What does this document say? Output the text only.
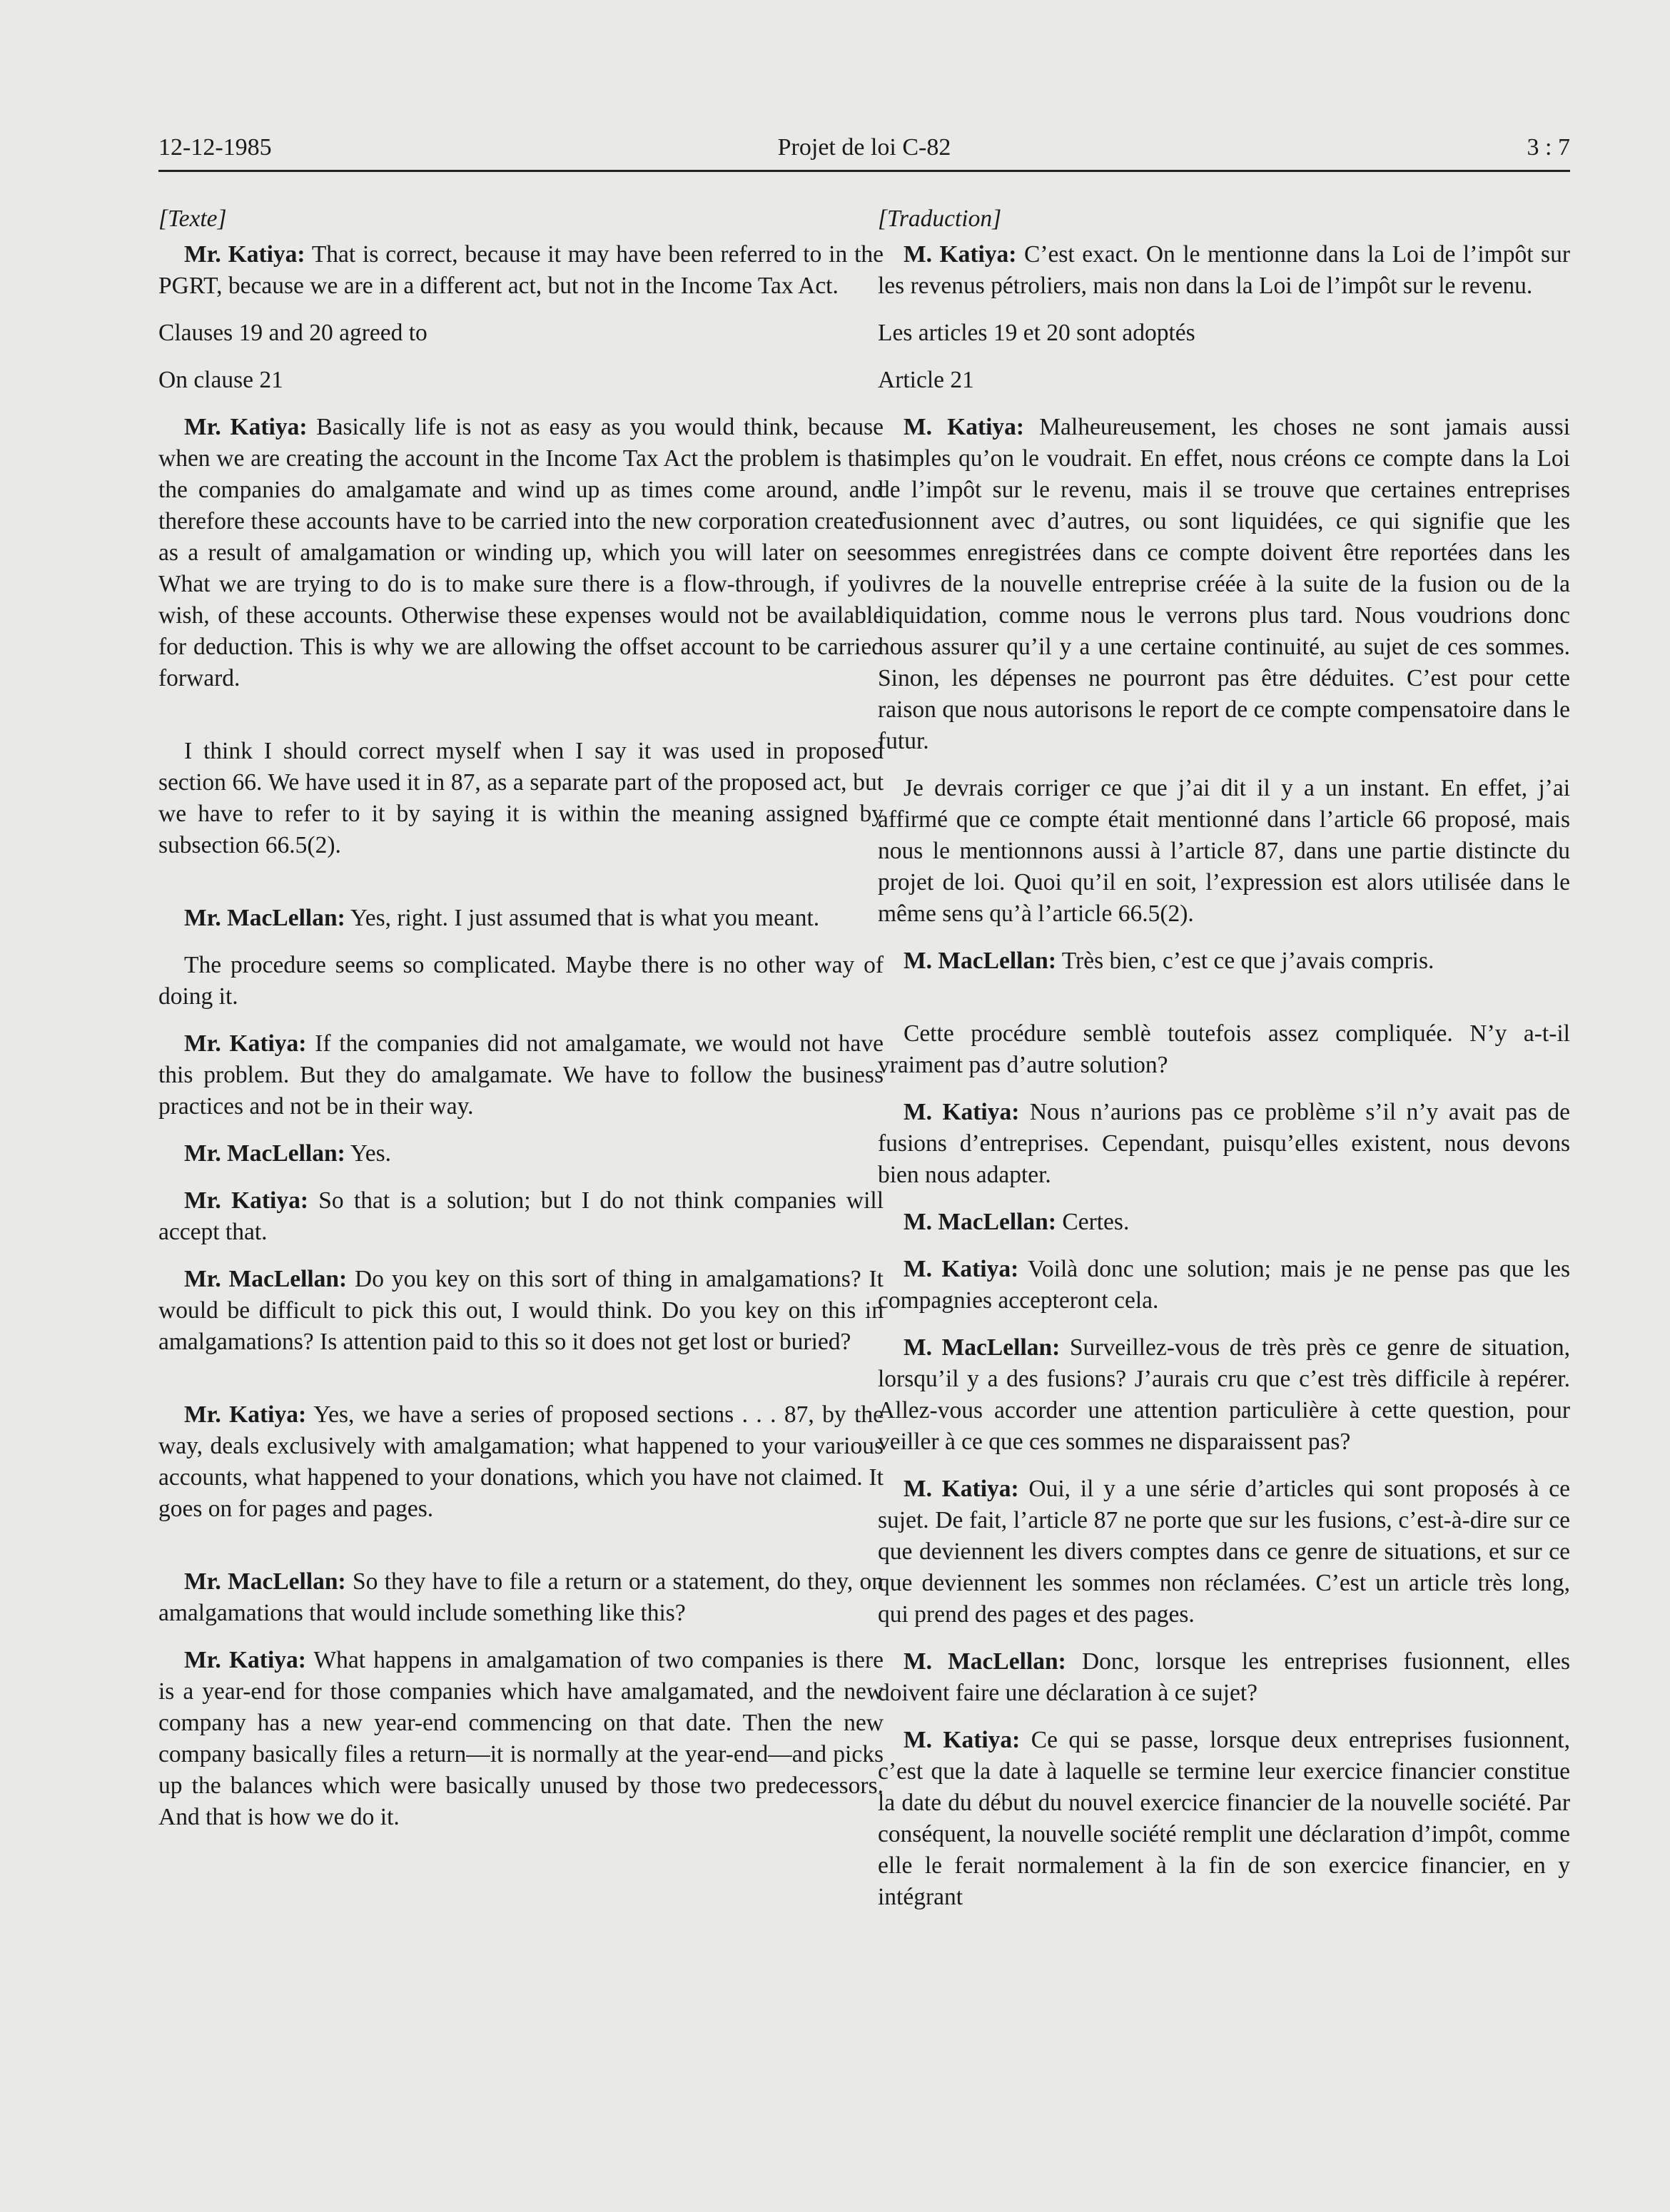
12-12-1985	Projet de loi C-82	3 : 7

[Texte]

Mr. Katiya: That is correct, because it may have been referred to in the PGRT, because we are in a different act, but not in the Income Tax Act.

Clauses 19 and 20 agreed to

On clause 21

Mr. Katiya: Basically life is not as easy as you would think, because when we are creating the account in the Income Tax Act the problem is that the companies do amalgamate and wind up as times come around, and therefore these accounts have to be carried into the new corporation created as a result of amalgamation or winding up, which you will later on see. What we are trying to do is to make sure there is a flow-through, if you wish, of these accounts. Otherwise these expenses would not be available for deduction. This is why we are allowing the offset account to be carried forward.

I think I should correct myself when I say it was used in proposed section 66. We have used it in 87, as a separate part of the proposed act, but we have to refer to it by saying it is within the meaning assigned by subsection 66.5(2).

Mr. MacLellan: Yes, right. I just assumed that is what you meant.

The procedure seems so complicated. Maybe there is no other way of doing it.

Mr. Katiya: If the companies did not amalgamate, we would not have this problem. But they do amalgamate. We have to follow the business practices and not be in their way.

Mr. MacLellan: Yes.

Mr. Katiya: So that is a solution; but I do not think companies will accept that.

Mr. MacLellan: Do you key on this sort of thing in amalgamations? It would be difficult to pick this out, I would think. Do you key on this in amalgamations? Is attention paid to this so it does not get lost or buried?

Mr. Katiya: Yes, we have a series of proposed sections . . . 87, by the way, deals exclusively with amalgamation; what happened to your various accounts, what happened to your donations, which you have not claimed. It goes on for pages and pages.

Mr. MacLellan: So they have to file a return or a statement, do they, on amalgamations that would include something like this?

Mr. Katiya: What happens in amalgamation of two companies is there is a year-end for those companies which have amalgamated, and the new company has a new year-end commencing on that date. Then the new company basically files a return—it is normally at the year-end—and picks up the balances which were basically unused by those two predecessors. And that is how we do it.

[Traduction]

M. Katiya: C’est exact. On le mentionne dans la Loi de l’impôt sur les revenus pétroliers, mais non dans la Loi de l’impôt sur le revenu.

Les articles 19 et 20 sont adoptés

Article 21

M. Katiya: Malheureusement, les choses ne sont jamais aussi simples qu’on le voudrait. En effet, nous créons ce compte dans la Loi de l’impôt sur le revenu, mais il se trouve que certaines entreprises fusionnent avec d’autres, ou sont liquidées, ce qui signifie que les sommes enregistrées dans ce compte doivent être reportées dans les livres de la nouvelle entreprise créée à la suite de la fusion ou de la liquidation, comme nous le verrons plus tard. Nous voudrions donc nous assurer qu’il y a une certaine continuité, au sujet de ces sommes. Sinon, les dépenses ne pourront pas être déduites. C’est pour cette raison que nous autorisons le report de ce compte compensatoire dans le futur.

Je devrais corriger ce que j’ai dit il y a un instant. En effet, j’ai affirmé que ce compte était mentionné dans l’article 66 proposé, mais nous le mentionnons aussi à l’article 87, dans une partie distincte du projet de loi. Quoi qu’il en soit, l’expression est alors utilisée dans le même sens qu’à l’article 66.5(2).

M. MacLellan: Très bien, c’est ce que j’avais compris.

Cette procédure semblè toutefois assez compliquée. N’y a-t-il vraiment pas d’autre solution?

M. Katiya: Nous n’aurions pas ce problème s’il n’y avait pas de fusions d’entreprises. Cependant, puisqu’elles existent, nous devons bien nous adapter.

M. MacLellan: Certes.

M. Katiya: Voilà donc une solution; mais je ne pense pas que les compagnies accepteront cela.

M. MacLellan: Surveillez-vous de très près ce genre de situation, lorsqu’il y a des fusions? J’aurais cru que c’est très difficile à repérer. Allez-vous accorder une attention particulière à cette question, pour veiller à ce que ces sommes ne disparaissent pas?

M. Katiya: Oui, il y a une série d’articles qui sont proposés à ce sujet. De fait, l’article 87 ne porte que sur les fusions, c’est-à-dire sur ce que deviennent les divers comptes dans ce genre de situations, et sur ce que deviennent les sommes non réclamées. C’est un article très long, qui prend des pages et des pages.

M. MacLellan: Donc, lorsque les entreprises fusionnent, elles doivent faire une déclaration à ce sujet?

M. Katiya: Ce qui se passe, lorsque deux entreprises fusionnent, c’est que la date à laquelle se termine leur exercice financier constitue la date du début du nouvel exercice financier de la nouvelle société. Par conséquent, la nouvelle société remplit une déclaration d’impôt, comme elle le ferait normalement à la fin de son exercice financier, en y intégrant
